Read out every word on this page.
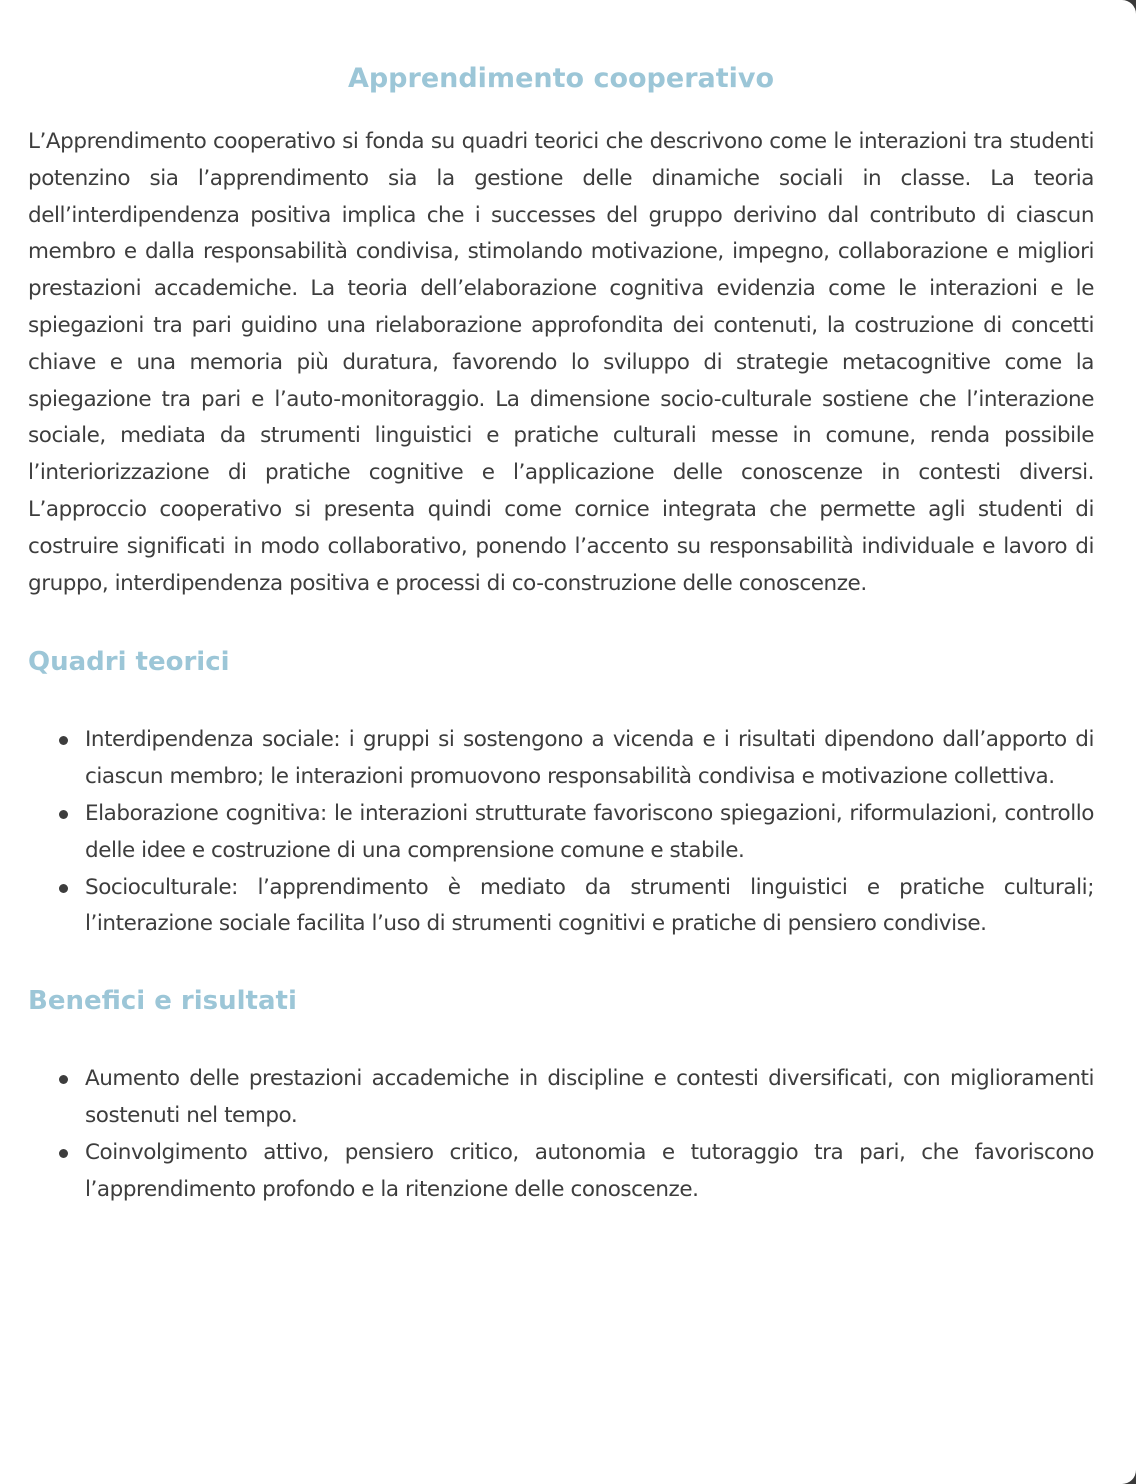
Apprendimento cooperativo

L’Apprendimento cooperativo si fonda su quadri teorici che descrivono come le interazioni tra studenti potenzino sia l’apprendimento sia la gestione delle dinamiche sociali in classe. La teoria dell’interdipendenza positiva implica che i successes del gruppo derivino dal contributo di ciascun membro e dalla responsabilità condivisa, stimolando motivazione, impegno, collaborazione e migliori prestazioni accademiche. La teoria dell’elaborazione cognitiva evidenzia come le interazioni e le spiegazioni tra pari guidino una rielaborazione approfondita dei contenuti, la costruzione di concetti chiave e una memoria più duratura, favorendo lo sviluppo di strategie metacognitive come la spiegazione tra pari e l’auto-monitoraggio. La dimensione socio-culturale sostiene che l’interazione sociale, mediata da strumenti linguistici e pratiche culturali messe in comune, renda possibile l’interiorizzazione di pratiche cognitive e l’applicazione delle conoscenze in contesti diversi. L’approccio cooperativo si presenta quindi come cornice integrata che permette agli studenti di costruire significati in modo collaborativo, ponendo l’accento su responsabilità individuale e lavoro di gruppo, interdipendenza positiva e processi di co-construzione delle conoscenze.

Quadri teorici
Interdipendenza sociale: i gruppi si sostengono a vicenda e i risultati dipendono dall’apporto di ciascun membro; le interazioni promuovono responsabilità condivisa e motivazione collettiva.
Elaborazione cognitiva: le interazioni strutturate favoriscono spiegazioni, riformulazioni, controllo delle idee e costruzione di una comprensione comune e stabile.
Socioculturale: l’apprendimento è mediato da strumenti linguistici e pratiche culturali; l’interazione sociale facilita l’uso di strumenti cognitivi e pratiche di pensiero condivise.
Benefici e risultati
Aumento delle prestazioni accademiche in discipline e contesti diversificati, con miglioramenti sostenuti nel tempo.
Coinvolgimento attivo, pensiero critico, autonomia e tutoraggio tra pari, che favoriscono l’apprendimento profondo e la ritenzione delle conoscenze.
